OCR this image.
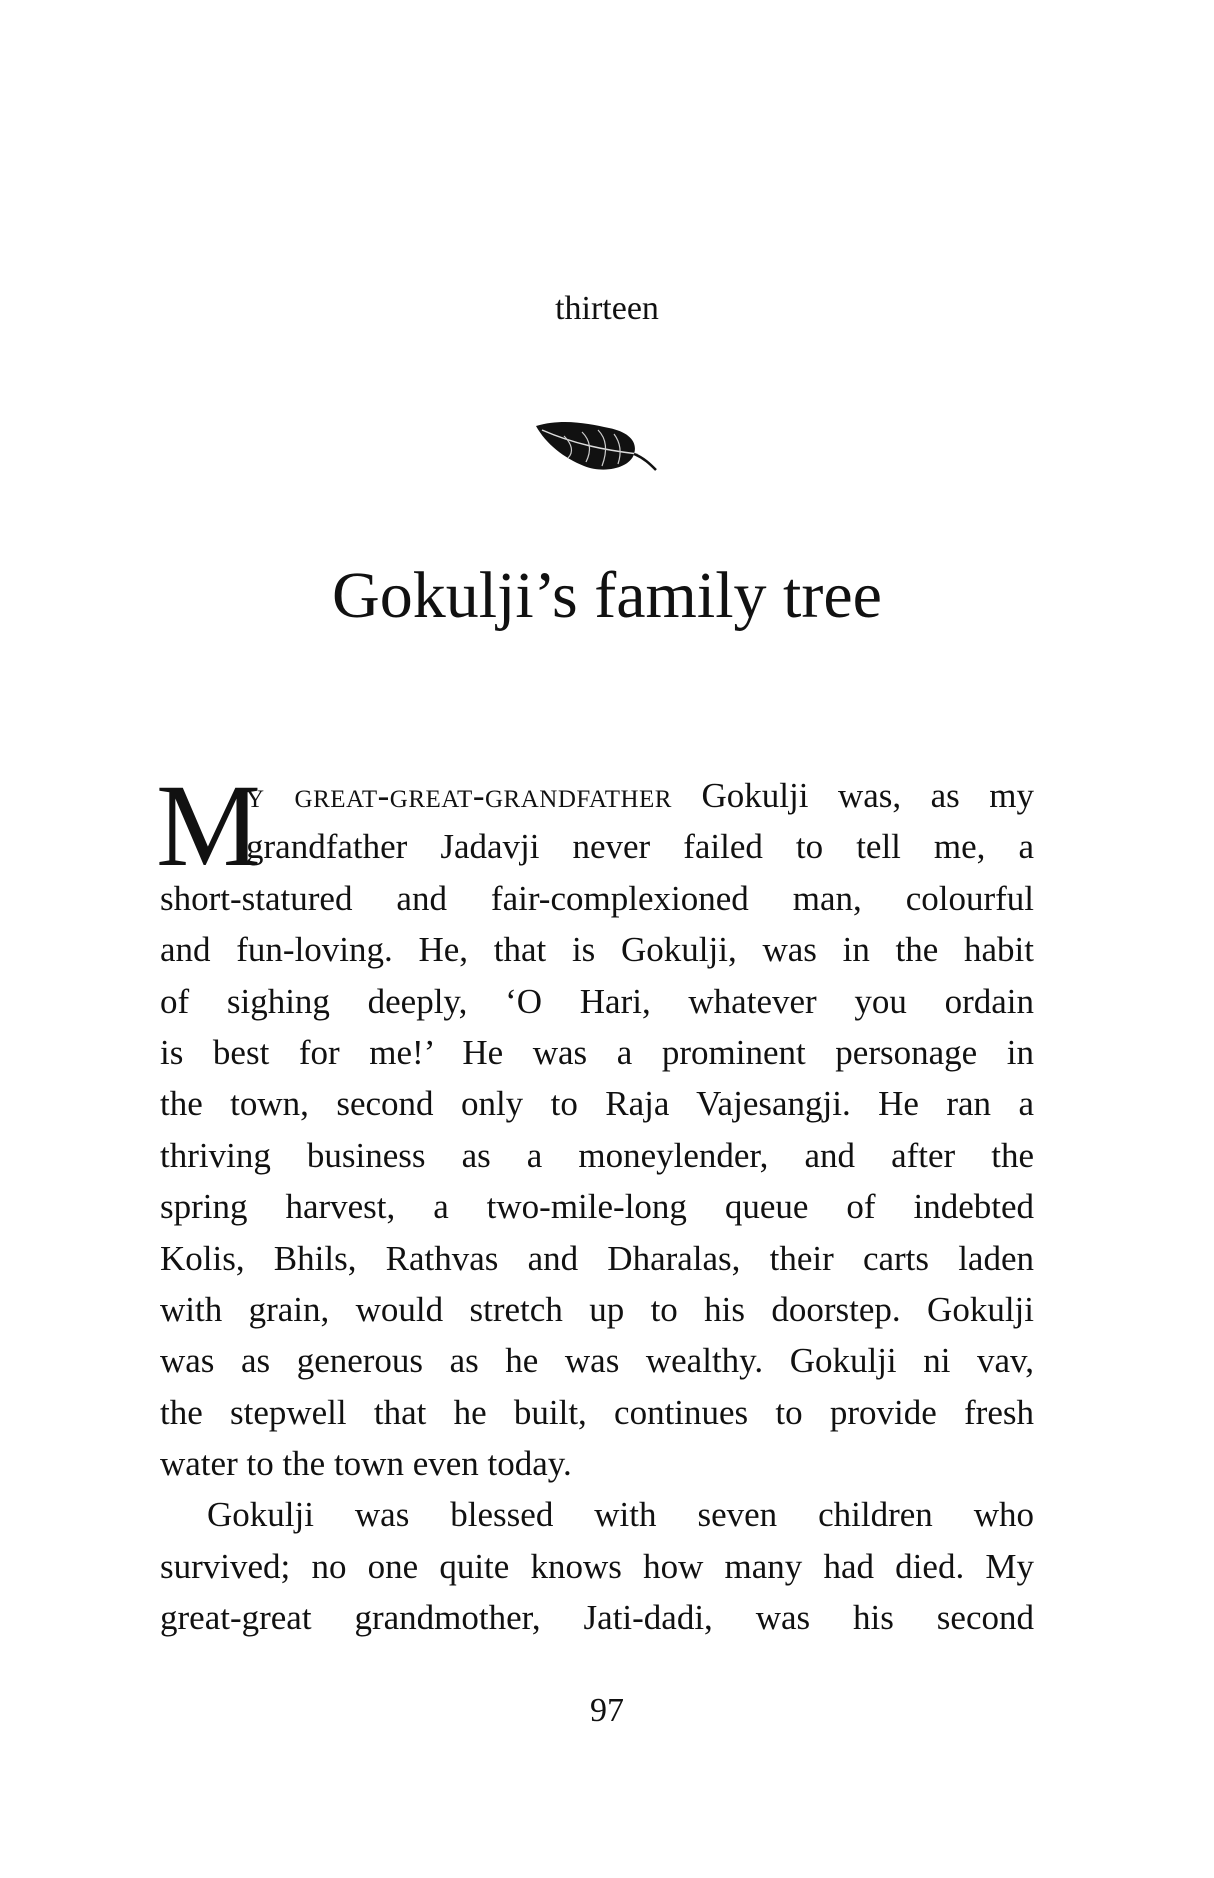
thirteen
Gokulji’s family tree
M
y great-great-grandfather Gokulji was, as my
grandfather Jadavji never failed to tell me, a
short-statured and fair-complexioned man, colourful
and fun-loving. He, that is Gokulji, was in the habit
of sighing deeply, ‘O Hari, whatever you ordain
is best for me!’ He was a prominent personage in
the town, second only to Raja Vajesangji. He ran a
thriving business as a moneylender, and after the
spring harvest, a two-mile-long queue of indebted
Kolis, Bhils, Rathvas and Dharalas, their carts laden
with grain, would stretch up to his doorstep. Gokulji
was as generous as he was wealthy. Gokulji ni vav,
the stepwell that he built, continues to provide fresh
water to the town even today.
Gokulji was blessed with seven children who
survived; no one quite knows how many had died. My
great-great grandmother, Jati-dadi, was his second
97
